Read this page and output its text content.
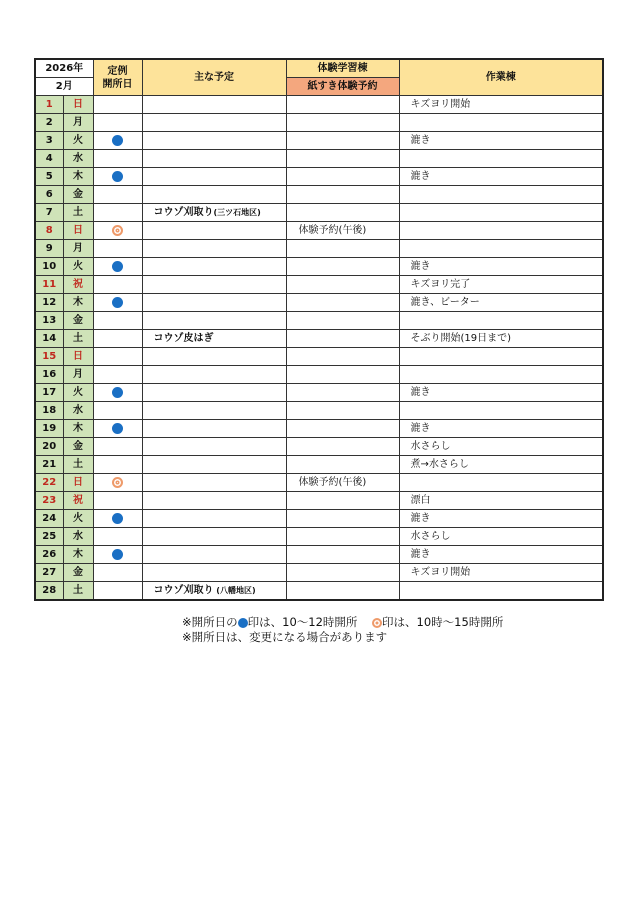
2026年		定例
開所日	主な予定	体験学習棟	作業棟
2月				紙すき体験予約	
1	日				キズヨリ開始
2	月				
3	火				漉き
4	水				
5	木				漉き
6	金				
7	土		コウゾ刈取り(三ツ石地区)		
8	日			体験予約(午後)	
9	月				
10	火				漉き
11	祝				キズヨリ完了
12	木				漉き、ビーター
13	金				
14	土		コウゾ皮はぎ		そぶり開始(19日まで)
15	日				
16	月				
17	火				漉き
18	水				
19	木				漉き
20	金				水さらし
21	土				煮→水さらし
22	日			体験予約(午後)	
23	祝				漂白
24	火				漉き
25	水				水さらし
26	木				漉き
27	金				キズヨリ開始
28	土		コウゾ刈取り (八幡地区)		
※開所日の 印は、10～12時開所 印は、10時～15時開所
※開所日は、変更になる場合があります
